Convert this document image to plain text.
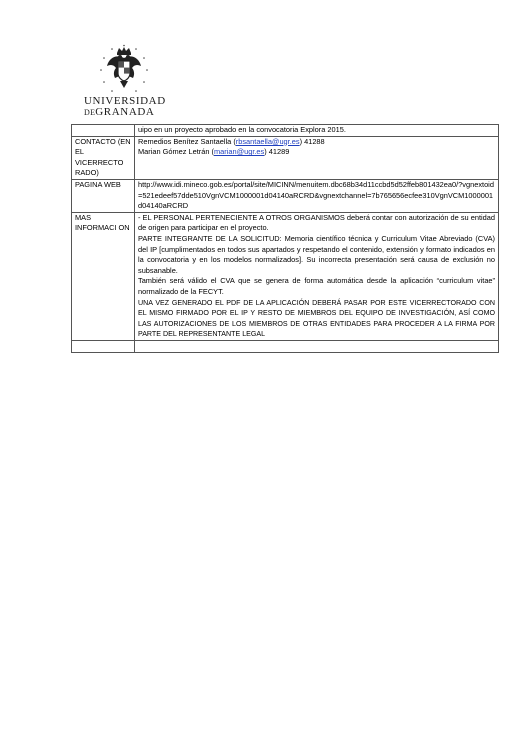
UNIVERSIDAD
DEGRANADA
	uipo en un proyecto aprobado en la convocatoria Explora 2015.
CONTACTO (EN EL VICERRECTO RADO)	Remedios Benítez Santaella (rbsantaella@ugr.es) 41288
Marian Gómez Letrán (marian@ugr.es) 41289

PAGINA WEB	http://www.idi.mineco.gob.es/portal/site/MICINN/menuitem.dbc68b34d11ccbd5d52ffeb801432ea0/?vgnextoid=521edeef57dde510VgnVCM1000001d04140aRCRD&vgnextchannel=7b765656ecfee310VgnVCM1000001d04140aRCRD
MAS INFORMACI ON	- EL PERSONAL PERTENECIENTE A OTROS ORGANISMOS deberá contar con autorización de su entidad de origen para participar en el proyecto.
PARTE INTEGRANTE DE LA SOLICITUD: Memoria científico técnica y Curriculum Vitae Abreviado (CVA) del IP [cumplimentados en todos sus apartados y respetando el contenido, extensión y formato indicados en la convocatoria y en los modelos normalizados]. Su incorrecta presentación será causa de exclusión no subsanable.
También será válido el CVA que se genera de forma automática desde la aplicación “curriculum vitae” normalizado de la FECYT.
UNA VEZ GENERADO EL PDF DE LA APLICACIÓN DEBERÁ PASAR POR ESTE VICERRECTORADO CON EL MISMO FIRMADO POR EL IP Y RESTO DE MIEMBROS DEL EQUIPO DE INVESTIGACIÓN, ASÍ COMO LAS AUTORIZACIONES DE LOS MIEMBROS DE OTRAS ENTIDADES PARA PROCEDER A LA FIRMA POR PARTE DEL REPRESENTANTE LEGAL
